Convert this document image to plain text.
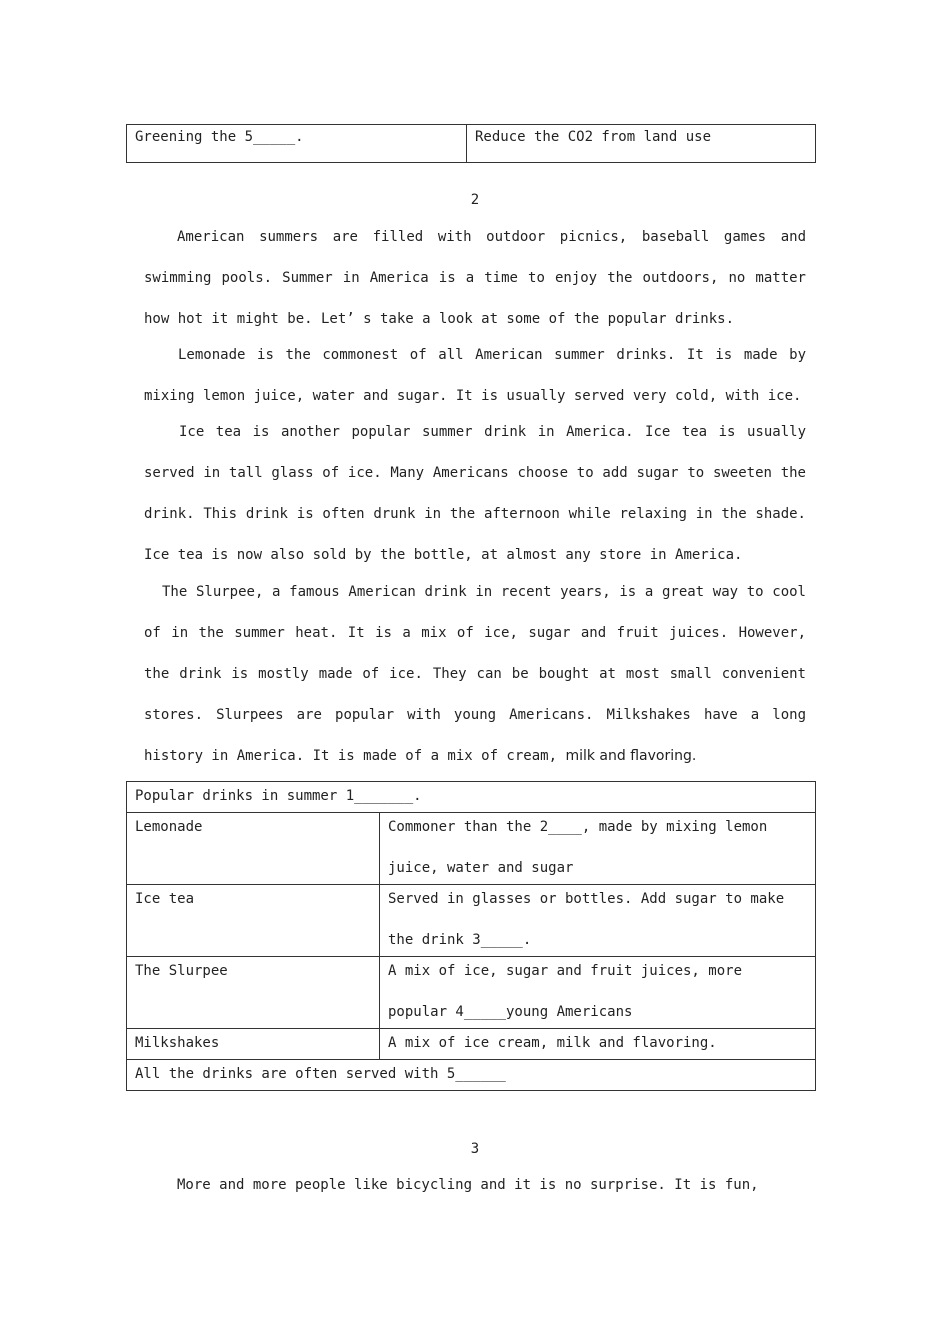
Greening the 5_____.	Reduce the CO2 from land use
2

American summers are filled with outdoor picnics, baseball games and swimming pools. Summer in America is a time to enjoy the outdoors, no matter how hot it might be. Let’ s take a look at some of the popular drinks.

Lemonade is the commonest of all American summer drinks. It is made by mixing lemon juice, water and sugar. It is usually served very cold, with ice.

Ice tea is another popular summer drink in America. Ice tea is usually served in tall glass of ice. Many Americans choose to add sugar to sweeten the drink. This drink is often drunk in the afternoon while relaxing in the shade. Ice tea is now also sold by the bottle, at almost any store in America.

The Slurpee, a famous American drink in recent years, is a great way to cool of in the summer heat. It is a mix of ice, sugar and fruit juices. However, the drink is mostly made of ice. They can be bought at most small convenient stores. Slurpees are popular with young Americans. Milkshakes have a long history in America. It is made of a mix of cream, milk and flavoring.

Popular drinks in summer 1_______.	
Lemonade	Commoner than the 2____, made by mixing lemon
juice, water and sugar

Ice tea	Served in glasses or bottles. Add sugar to make
the drink 3_____.

The Slurpee	A mix of ice, sugar and fruit juices, more
popular 4_____young Americans

Milkshakes	A mix of ice cream, milk and flavoring.
All the drinks are often served with 5______	
3

More and more people like bicycling and it is no surprise. It is fun,
